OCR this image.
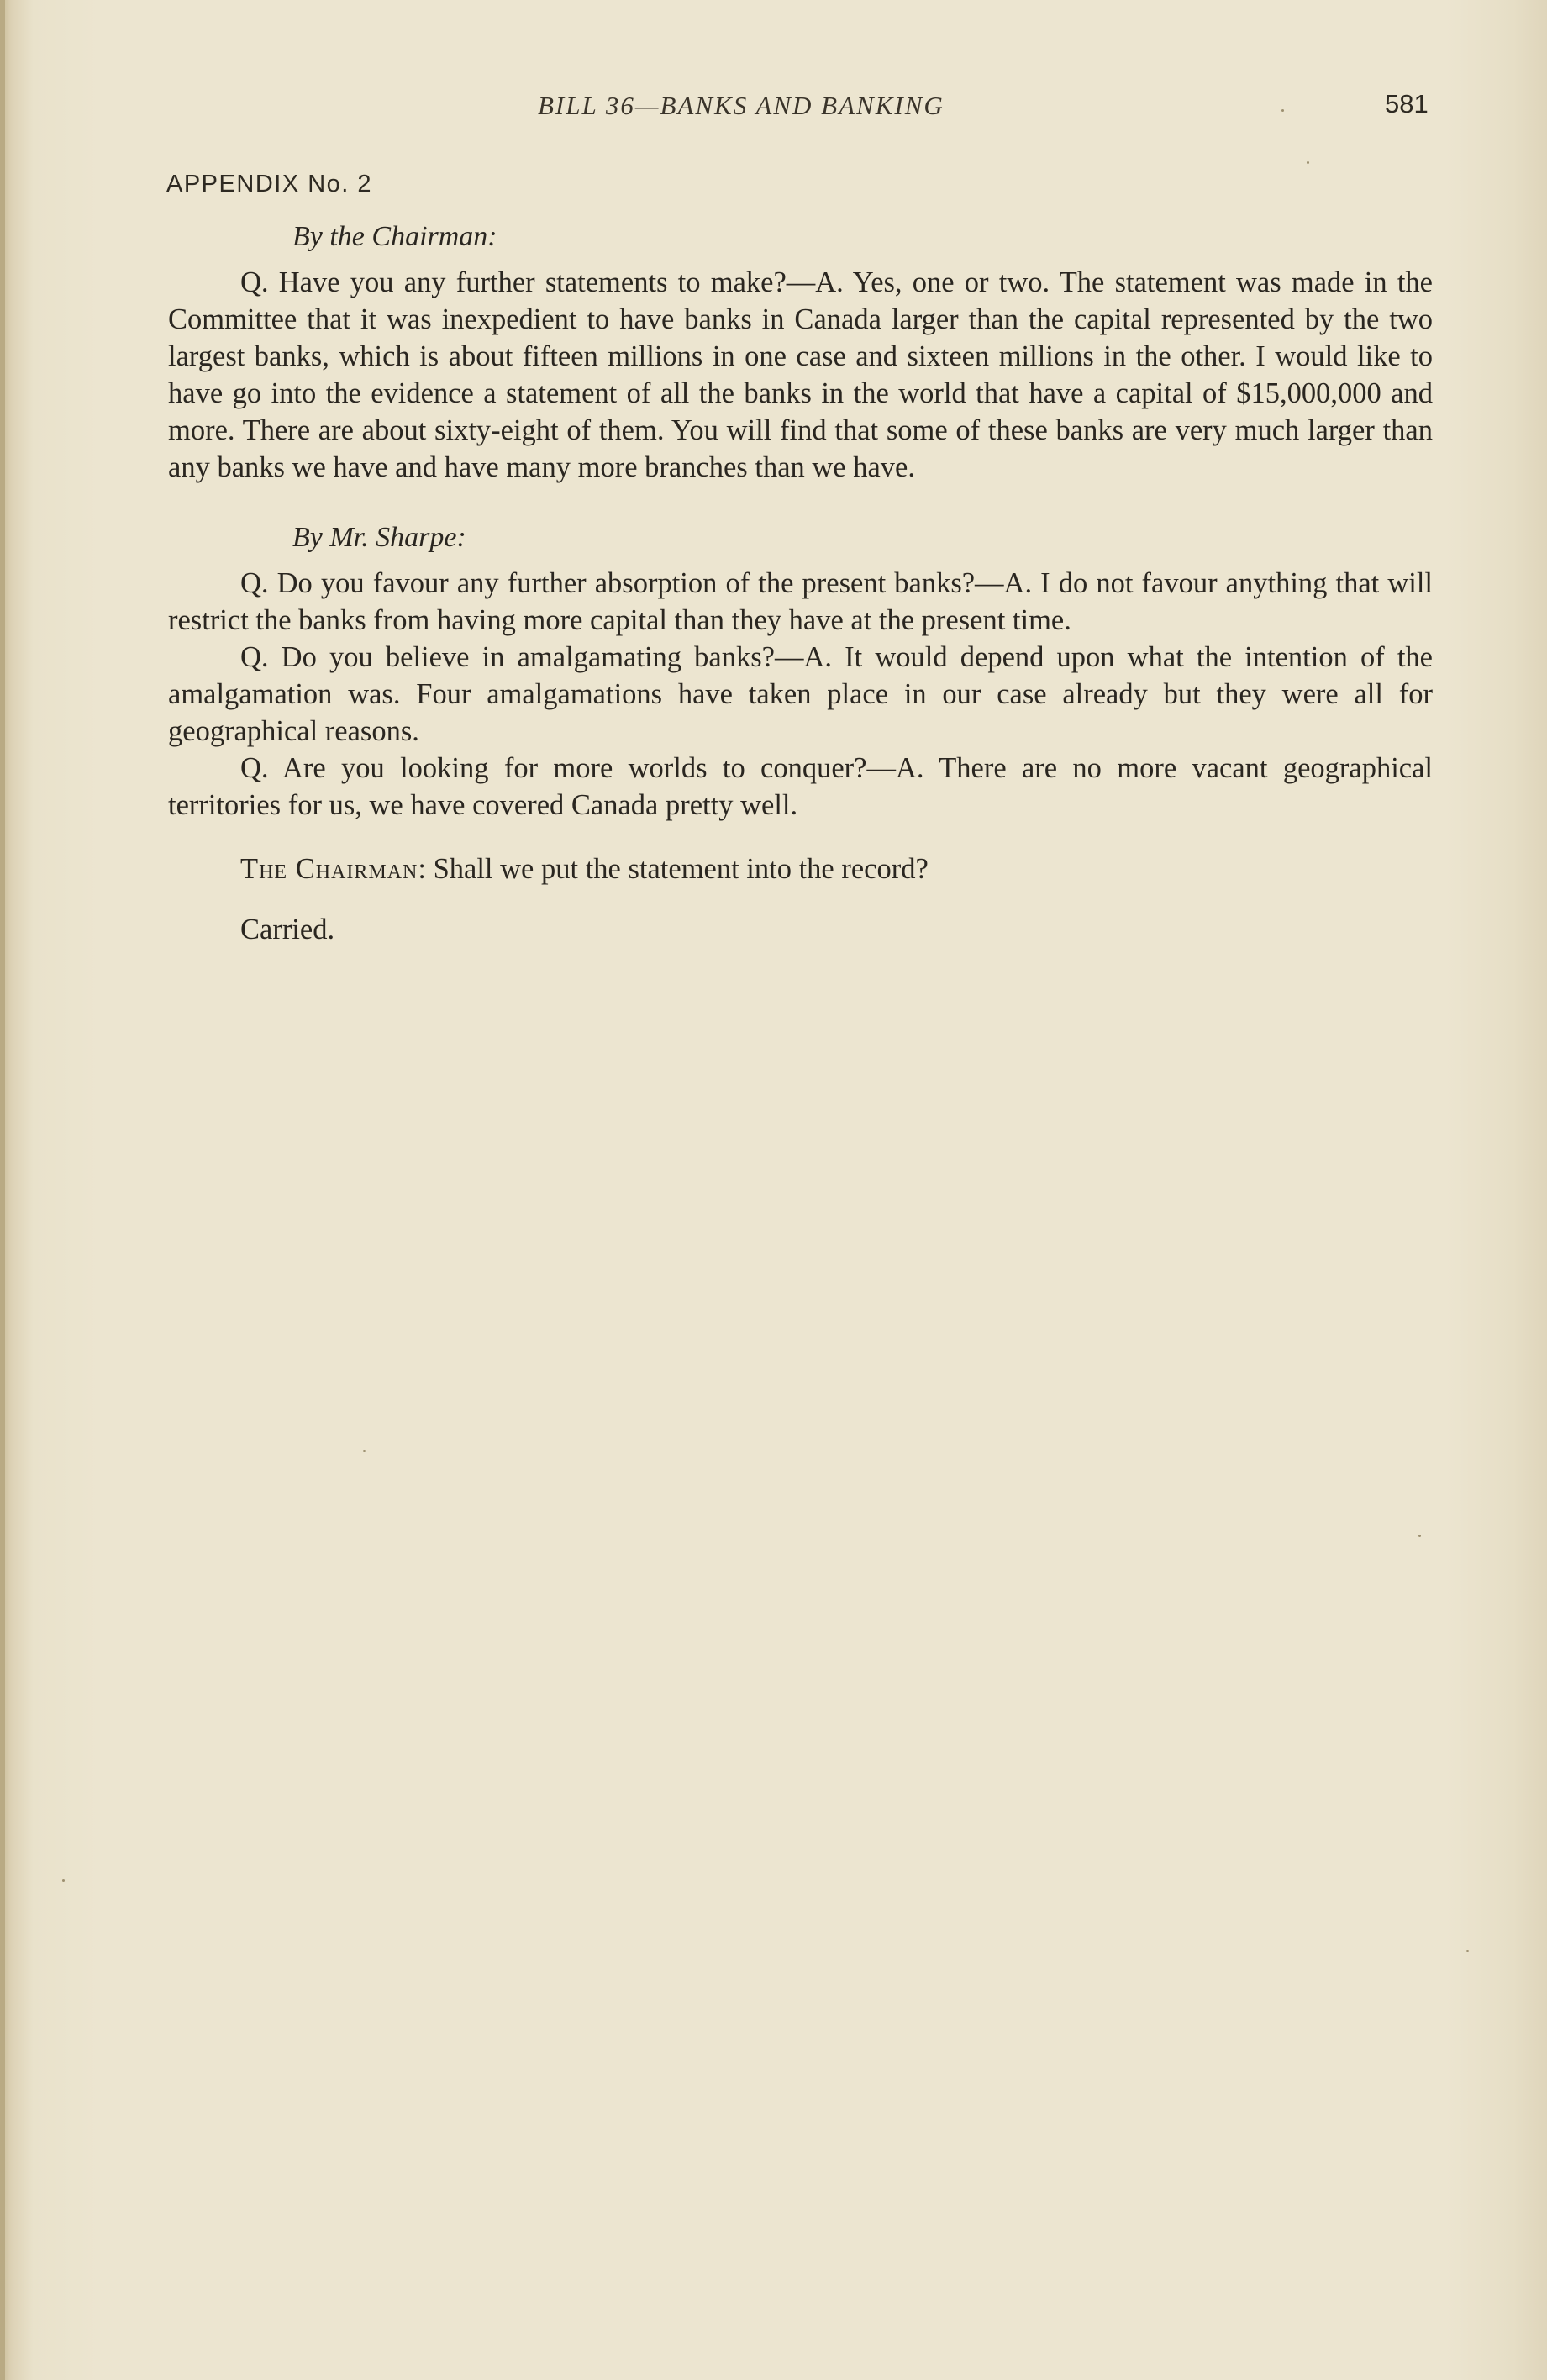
BILL 36—BANKS AND BANKING	581
APPENDIX No. 2
By the Chairman:

Q. Have you any further statements to make?—A. Yes, one or two. The statement was made in the Committee that it was inexpedient to have banks in Canada larger than the capital represented by the two largest banks, which is about fifteen millions in one case and sixteen millions in the other. I would like to have go into the evidence a statement of all the banks in the world that have a capital of $15,000,000 and more. There are about sixty-eight of them. You will find that some of these banks are very much larger than any banks we have and have many more branches than we have.

By Mr. Sharpe:

Q. Do you favour any further absorption of the present banks?—A. I do not favour anything that will restrict the banks from having more capital than they have at the present time.

Q. Do you believe in amalgamating banks?—A. It would depend upon what the intention of the amalgamation was. Four amalgamations have taken place in our case already but they were all for geographical reasons.

Q. Are you looking for more worlds to conquer?—A. There are no more vacant geographical territories for us, we have covered Canada pretty well.

The Chairman: Shall we put the statement into the record?
Carried.
